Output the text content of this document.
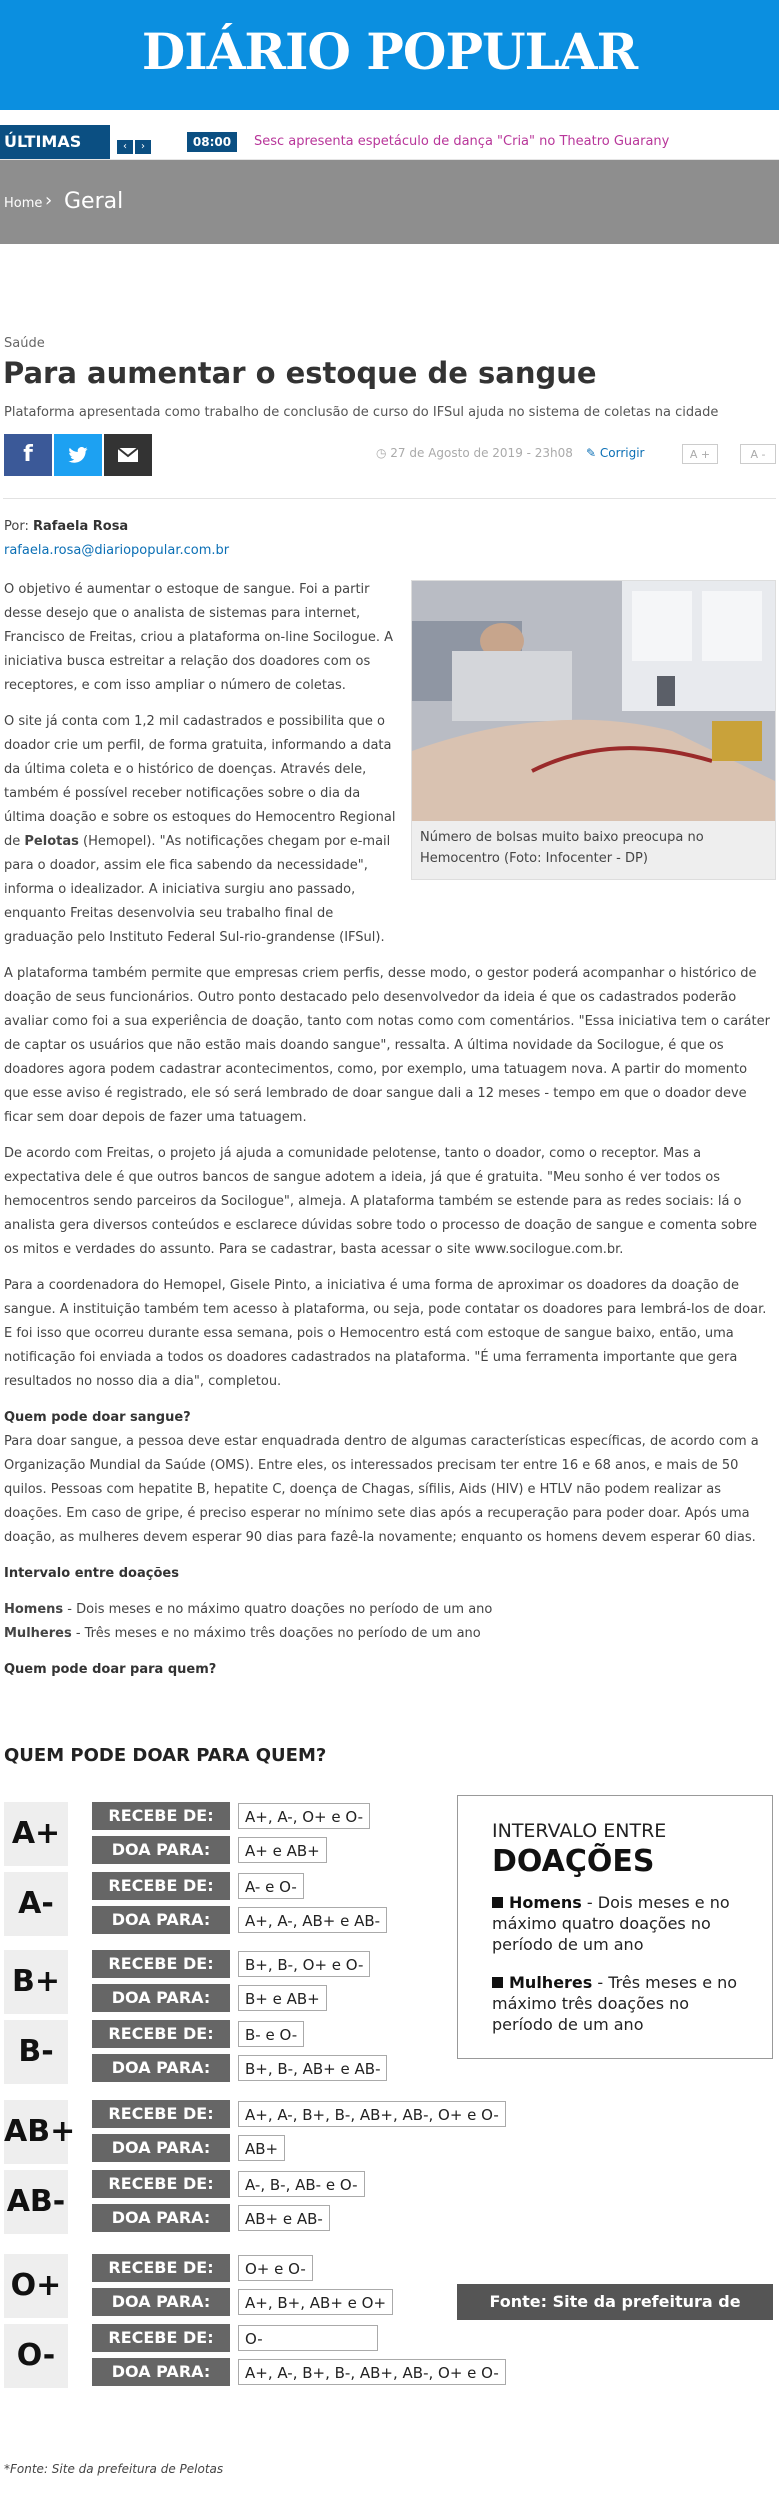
DIÁRIO POPULAR
ÚLTIMAS	‹ ›	08:00	Sesc apresenta espetáculo de dança "Cria" no Theatro Guarany
Home › Geral
Saúde
Para aumentar o estoque de sangue
Plataforma apresentada como trabalho de conclusão de curso do IFSul ajuda no sistema de coletas na cidade
f	◷ 27 de Agosto de 2019 - 23h08 ✎ Corrigir	A +	A -
Por: Rafaela Rosa
rafaela.rosa@diariopopular.com.br
Número de bolsas muito baixo preocupa no Hemocentro (Foto: Infocenter - DP)

O objetivo é aumentar o estoque de sangue. Foi a partir desse desejo que o analista de sistemas para internet, Francisco de Freitas, criou a plataforma on-line Socilogue. A iniciativa busca estreitar a relação dos doadores com os receptores, e com isso ampliar o número de coletas.

O site já conta com 1,2 mil cadastrados e possibilita que o doador crie um perfil, de forma gratuita, informando a data da última coleta e o histórico de doenças. Através dele, também é possível receber notificações sobre o dia da última doação e sobre os estoques do Hemocentro Regional de Pelotas (Hemopel). "As notificações chegam por e-mail para o doador, assim ele fica sabendo da necessidade", informa o idealizador. A iniciativa surgiu ano passado, enquanto Freitas desenvolvia seu trabalho final de graduação pelo Instituto Federal Sul-rio-grandense (IFSul).

A plataforma também permite que empresas criem perfis, desse modo, o gestor poderá acompanhar o histórico de doação de seus funcionários. Outro ponto destacado pelo desenvolvedor da ideia é que os cadastrados poderão avaliar como foi a sua experiência de doação, tanto com notas como com comentários. "Essa iniciativa tem o caráter de captar os usuários que não estão mais doando sangue", ressalta. A última novidade da Socilogue, é que os doadores agora podem cadastrar acontecimentos, como, por exemplo, uma tatuagem nova. A partir do momento que esse aviso é registrado, ele só será lembrado de doar sangue dali a 12 meses - tempo em que o doador deve ficar sem doar depois de fazer uma tatuagem.

De acordo com Freitas, o projeto já ajuda a comunidade pelotense, tanto o doador, como o receptor. Mas a expectativa dele é que outros bancos de sangue adotem a ideia, já que é gratuita. "Meu sonho é ver todos os hemocentros sendo parceiros da Socilogue", almeja. A plataforma também se estende para as redes sociais: lá o analista gera diversos conteúdos e esclarece dúvidas sobre todo o processo de doação de sangue e comenta sobre os mitos e verdades do assunto. Para se cadastrar, basta acessar o site www.socilogue.com.br.

Para a coordenadora do Hemopel, Gisele Pinto, a iniciativa é uma forma de aproximar os doadores da doação de sangue. A instituição também tem acesso à plataforma, ou seja, pode contatar os doadores para lembrá-los de doar. E foi isso que ocorreu durante essa semana, pois o Hemocentro está com estoque de sangue baixo, então, uma notificação foi enviada a todos os doadores cadastrados na plataforma. "É uma ferramenta importante que gera resultados no nosso dia a dia", completou.

Quem pode doar sangue?

Para doar sangue, a pessoa deve estar enquadrada dentro de algumas características específicas, de acordo com a Organização Mundial da Saúde (OMS). Entre eles, os interessados precisam ter entre 16 e 68 anos, e mais de 50 quilos. Pessoas com hepatite B, hepatite C, doença de Chagas, sífilis, Aids (HIV) e HTLV não podem realizar as doações. Em caso de gripe, é preciso esperar no mínimo sete dias após a recuperação para poder doar. Após uma doação, as mulheres devem esperar 90 dias para fazê-la novamente; enquanto os homens devem esperar 60 dias.

Intervalo entre doações

Homens - Dois meses e no máximo quatro doações no período de um ano
Mulheres - Três meses e no máximo três doações no período de um ano
Quem pode doar para quem?
QUEM PODE DOAR PARA QUEM?
A+
RECEBE DE:	A+, A-, O+ e O-
DOA PARA:	A+ e AB+
A-
RECEBE DE:	A- e O-
DOA PARA:	A+, A-, AB+ e AB-
B+
RECEBE DE:	B+, B-, O+ e O-
DOA PARA:	B+ e AB+
B-
RECEBE DE:	B- e O-
DOA PARA:	B+, B-, AB+ e AB-
AB+
RECEBE DE:	A+, A-, B+, B-, AB+, AB-, O+ e O-
DOA PARA:	AB+
AB-
RECEBE DE:	A-, B-, AB- e O-
DOA PARA:	AB+ e AB-
O+
RECEBE DE:	O+ e O-
DOA PARA:	A+, B+, AB+ e O+
O-
RECEBE DE:	O-
DOA PARA:	A+, A-, B+, B-, AB+, AB-, O+ e O-
INTERVALO ENTRE
DOAÇÕES
Homens - Dois meses e no máximo quatro doações no período de um ano
Mulheres - Três meses e no máximo três doações no período de um ano
Fonte: Site da prefeitura de Pelotas
*Fonte: Site da prefeitura de Pelotas
